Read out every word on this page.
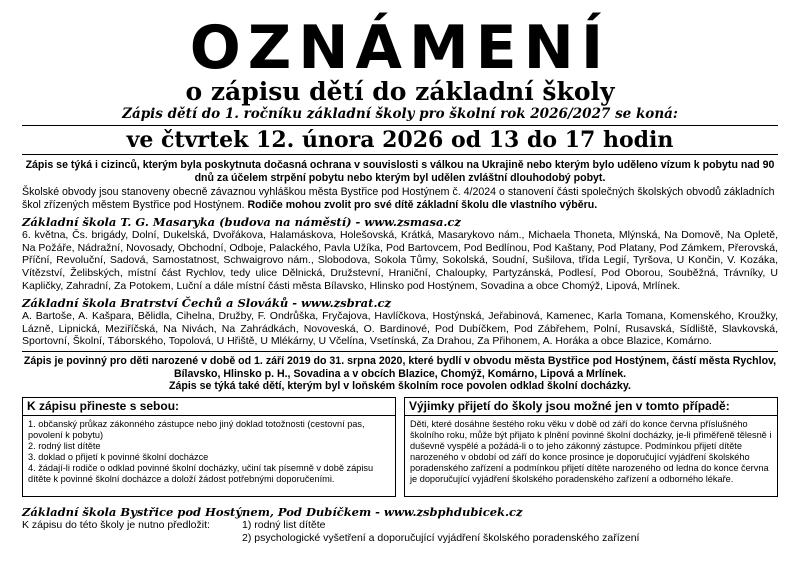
OZNÁMENÍ
o zápisu dětí do základní školy
Zápis dětí do 1. ročníku základní školy pro školní rok 2026/2027 se koná:
ve čtvrtek 12. února 2026 od 13 do 17 hodin

Zápis se týká i cizinců, kterým byla poskytnuta dočasná ochrana v souvislosti s válkou na Ukrajině nebo kterým bylo uděleno vízum k pobytu nad 90 dnů za účelem strpění pobytu nebo kterým byl udělen zvláštní dlouhodobý pobyt.

Školské obvody jsou stanoveny obecně závaznou vyhláškou města Bystřice pod Hostýnem č. 4/2024 o stanovení části společných školských obvodů základních škol zřízených městem Bystřice pod Hostýnem. Rodiče mohou zvolit pro své dítě základní školu dle vlastního výběru.

Základní škola T. G. Masaryka (budova na náměstí) - www.zsmasa.cz
6. května, Čs. brigády, Dolní, Dukelská, Dvořákova, Halamáskova, Holešovská, Krátká, Masarykovo nám., Michaela Thoneta, Mlýnská, Na Domově, Na Opletě, Na Požáře, Nádražní, Novosady, Obchodní, Odboje, Palackého, Pavla Užíka, Pod Bartovcem, Pod Bedlínou, Pod Kaštany, Pod Platany, Pod Zámkem, Přerovská, Příční, Revoluční, Sadová, Samostatnost, Schwaigrovo nám., Slobodova, Sokola Tůmy, Sokolská, Soudní, Sušilova, třída Legií, Tyršova, U Končin, V. Kozáka, Vítězství, Želibských, místní část Rychlov, tedy ulice Dělnická, Družstevní, Hraniční, Chaloupky, Partyzánská, Podlesí, Pod Oborou, Souběžná, Trávníky, U Kapličky, Zahradní, Za Potokem, Luční a dále místní části města Bílavsko, Hlinsko pod Hostýnem, Sovadina a obce Chomýž, Lipová, Mrlínek.
Základní škola Bratrství Čechů a Slováků - www.zsbrat.cz
A. Bartoše, A. Kašpara, Bělidla, Cihelna, Družby, F. Ondrůška, Fryčajova, Havlíčkova, Hostýnská, Jeřabinová, Kamenec, Karla Tomana, Komenského, Kroužky, Lázně, Lipnická, Meziříčská, Na Nivách, Na Zahrádkách, Novoveská, O. Bardinové, Pod Dubíčkem, Pod Zábřehem, Polní, Rusavská, Sídliště, Slavkovská, Sportovní, Školní, Táborského, Topolová, U Hřiště, U Mlékárny, U Včelína, Vsetínská, Za Drahou, Za Přihonem, A. Horáka a obce Blazice, Komárno.

Zápis je povinný pro děti narozené v době od 1. září 2019 do 31. srpna 2020, které bydlí v obvodu města Bystřice pod Hostýnem, částí města Rychlov, Bílavsko, Hlinsko p. H., Sovadina a v obcích Blazice, Chomýž, Komárno, Lipová a Mrlínek.

Zápis se týká také dětí, kterým byl v loňském školním roce povolen odklad školní docházky.

K zápisu přineste s sebou:
1. občanský průkaz zákonného zástupce nebo jiný doklad totožnosti (cestovní pas, povolení k pobytu)
2. rodný list dítěte
3. doklad o přijetí k povinné školní docházce
4. žádají-li rodiče o odklad povinné školní docházky, učiní tak písemně v době zápisu dítěte k povinné školní docházce a doloží žádost potřebnými doporučeními.
Výjimky přijetí do školy jsou možné jen v tomto případě:
Děti, které dosáhne šestého roku věku v době od září do konce června příslušného školního roku, může být přijato k plnění povinné školní docházky, je-li přiměřeně tělesně i duševně vyspělé a požádá-li o to jeho zákonný zástupce. Podmínkou přijetí dítěte narozeného v období od září do konce prosince je doporučující vyjádření školského poradenského zařízení a podmínkou přijetí dítěte narozeného od ledna do konce června je doporučující vyjádření školského poradenského zařízení a odborného lékaře.
Základní škola Bystřice pod Hostýnem, Pod Dubíčkem - www.zsbphdubicek.cz
K zápisu do této školy je nutno předložit:	1) rodný list dítěte
2) psychologické vyšetření a doporučující vyjádření školského poradenského zařízení
